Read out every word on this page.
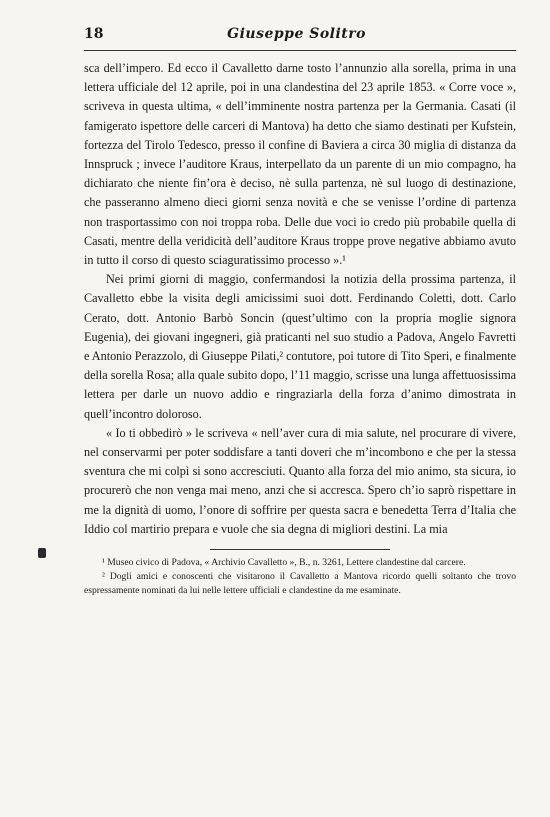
18	Giuseppe Solitro

sca dell’impero. Ed ecco il Cavalletto darne tosto l’annunzio alla sorella, prima in una lettera ufficiale del 12 aprile, poi in una clandestina del 23 aprile 1853. « Corre voce », scriveva in questa ultima, « dell’imminente nostra partenza per la Germania. Casati (il famigerato ispettore delle carceri di Mantova) ha detto che siamo destinati per Kufstein, fortezza del Tirolo Tedesco, presso il confine di Baviera a circa 30 miglia di distanza da Innspruck ; invece l’auditore Kraus, interpellato da un parente di un mio compagno, ha dichiarato che niente fin’ora è deciso, nè sulla partenza, nè sul luogo di destinazione, che passeranno almeno dieci giorni senza novità e che se venisse l’ordine di partenza non trasportassimo con noi troppa roba. Delle due voci io credo più probabile quella di Casati, mentre della veridicità dell’auditore Kraus troppe prove negative abbiamo avuto in tutto il corso di questo sciaguratissimo processo ».¹

Nei primi giorni di maggio, confermandosi la notizia della prossima partenza, il Cavalletto ebbe la visita degli amicissimi suoi dott. Ferdinando Coletti, dott. Carlo Cerato, dott. Antonio Barbò Soncin (quest’ultimo con la propria moglie signora Eugenia), dei giovani ingegneri, già praticanti nel suo studio a Padova, Angelo Favretti e Antonio Perazzolo, di Giuseppe Pilati,² contutore, poi tutore di Tito Speri, e finalmente della sorella Rosa; alla quale subito dopo, l’11 maggio, scrisse una lunga affettuosissima lettera per darle un nuovo addio e ringraziarla della forza d’animo dimostrata in quell’incontro doloroso.

« Io ti obbedirò » le scriveva « nell’aver cura di mia salute, nel procurare di vivere, nel conservarmi per poter soddisfare a tanti doveri che m’incombono e che per la stessa sventura che mi colpì si sono accresciuti. Quanto alla forza del mio animo, sta sicura, io procurerò che non venga mai meno, anzi che si accresca. Spero ch’io saprò rispettare in me la dignità di uomo, l’onore di soffrire per questa sacra e benedetta Terra d’Italia che Iddio col martirio prepara e vuole che sia degna di migliori destini. La mia

¹ Museo civico di Padova, « Archivio Cavalletto », B., n. 3261, Lettere clandestine dal carcere.

² Dogli amici e conoscenti che visitarono il Cavalletto a Mantova ricordo quelli soltanto che trovo espressamente nominati da lui nelle lettere ufficiali e clandestine da me esaminate.
